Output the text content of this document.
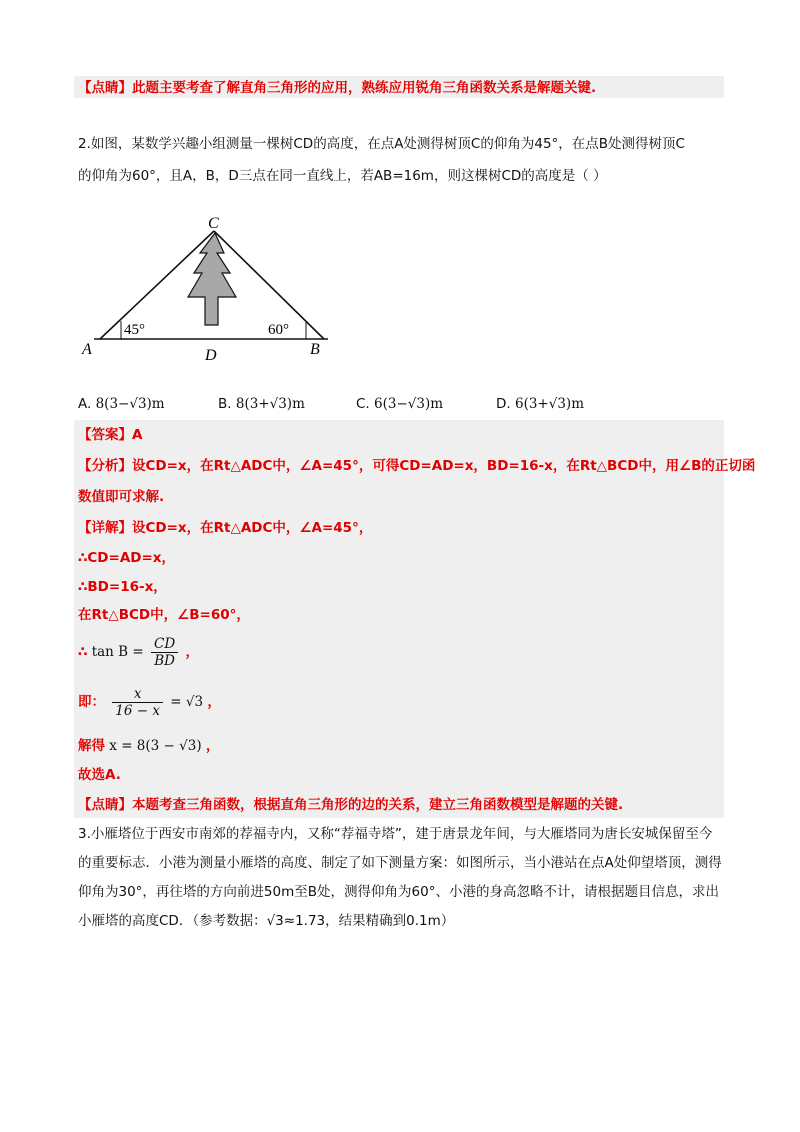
【点睛】此题主要考查了解直角三角形的应用，熟练应用锐角三角函数关系是解题关键.
2.如图，某数学兴趣小组测量一棵树CD的高度，在点A处测得树顶C的仰角为45°，在点B处测得树顶C
的仰角为60°，且A，B，D三点在同一直线上，若AB=16m，则这棵树CD的高度是（ ）
C
A	B
D
45°	60°
A. 8(3−√3)m	B. 8(3+√3)m	C. 6(3−√3)m	D. 6(3+√3)m
【答案】A
【分析】设CD=x，在Rt△ADC中，∠A=45°，可得CD=AD=x，BD=16-x，在Rt△BCD中，用∠B的正切函
数值即可求解.
【详解】设CD=x，在Rt△ADC中，∠A=45°，
∴CD=AD=x，
∴BD=16-x，
在Rt△BCD中，∠B=60°，
∴ $\tan B = \frac{CD}{BD}$ ，
即： $\frac{x}{16 - x} = √3$ ，
解得 x = 8(3 − √3) ，
故选A.
【点睛】本题考查三角函数，根据直角三角形的边的关系，建立三角函数模型是解题的关键.
3.小雁塔位于西安市南郊的荐福寺内，又称“荐福寺塔”，建于唐景龙年间，与大雁塔同为唐长安城保留至今的重要标志．小港为测量小雁塔的高度、制定了如下测量方案：如图所示，当小港站在点A处仰望塔顶，测得仰角为30°，再往塔的方向前进50m至B处，测得仰角为60°、小港的身高忽略不计，请根据题目信息，求出小雁塔的高度CD．（参考数据：√3≈1.73，结果精确到0.1m）
